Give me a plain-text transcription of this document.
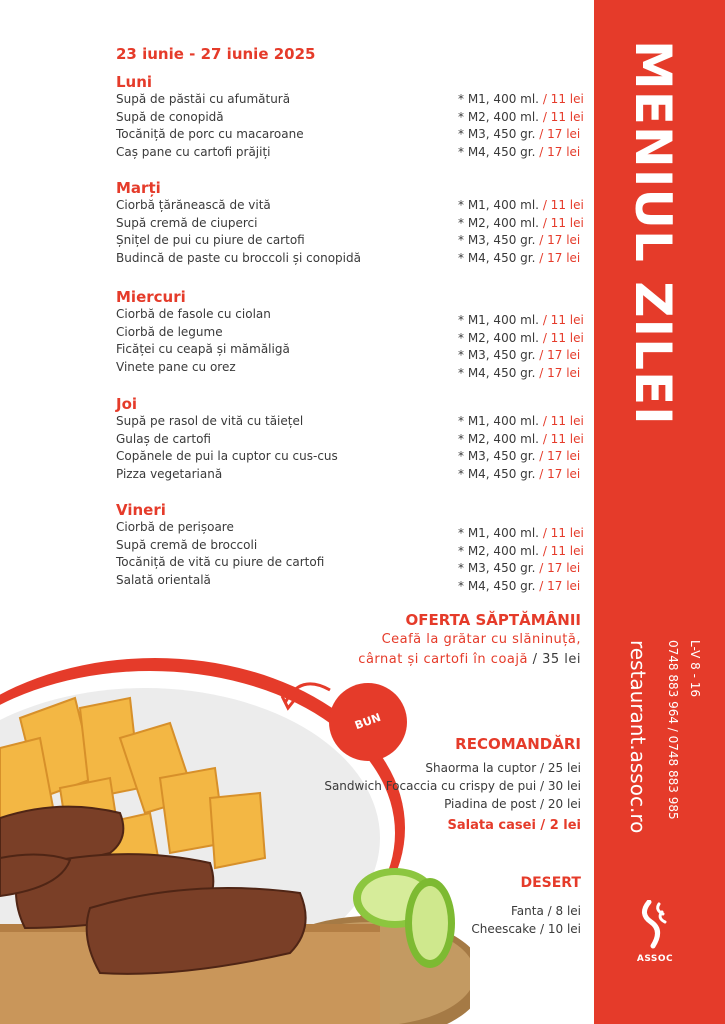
23 iunie - 27 iunie 2025
Luni
Supă de păstăi cu afumătură	* M1, 400 ml. / 11 lei
Supă de conopidă	* M2, 400 ml. / 11 lei
Tocăniță de porc cu macaroane	* M3, 450 gr. / 17 lei
Caș pane cu cartofi prăjiți	* M4, 450 gr. / 17 lei
Marți
Ciorbă țărănească de vită	* M1, 400 ml. / 11 lei
Supă cremă de ciuperci	* M2, 400 ml. / 11 lei
Șnițel de pui cu piure de cartofi	* M3, 450 gr. / 17 lei
Budincă de paste cu broccoli și conopidă	* M4, 450 gr. / 17 lei
Miercuri
Ciorbă de fasole cu ciolan	* M1, 400 ml. / 11 lei
Ciorbă de legume	* M2, 400 ml. / 11 lei
Ficăței cu ceapă și mămăligă	* M3, 450 gr. / 17 lei
Vinete pane cu orez	* M4, 450 gr. / 17 lei
Joi
Supă pe rasol de vită cu tăiețel	* M1, 400 ml. / 11 lei
Gulaș de cartofi	* M2, 400 ml. / 11 lei
Copănele de pui la cuptor cu cus-cus	* M3, 450 gr. / 17 lei
Pizza vegetariană	* M4, 450 gr. / 17 lei
Vineri
Ciorbă de perișoare	* M1, 400 ml. / 11 lei
Supă cremă de broccoli	* M2, 400 ml. / 11 lei
Tocăniță de vită cu piure de cartofi	* M3, 450 gr. / 17 lei
Salată orientală	* M4, 450 gr. / 17 lei
BUN
OFERTA SĂPTĂMÂNII
Ceafă la grătar cu slăninuță,
cârnat și cartofi în coajă / 35 lei
RECOMANDĂRI
Shaorma la cuptor / 25 lei
Sandwich Focaccia cu crispy de pui / 30 lei
Piadina de post / 20 lei
Salata casei / 2 lei
DESERT
Fanta / 8 lei
Cheescake / 10 lei
MENIUL ZILEI
L-V 8 - 16
0748 883 964 / 0748 883 985
restaurant.assoc.ro
ASSOC
